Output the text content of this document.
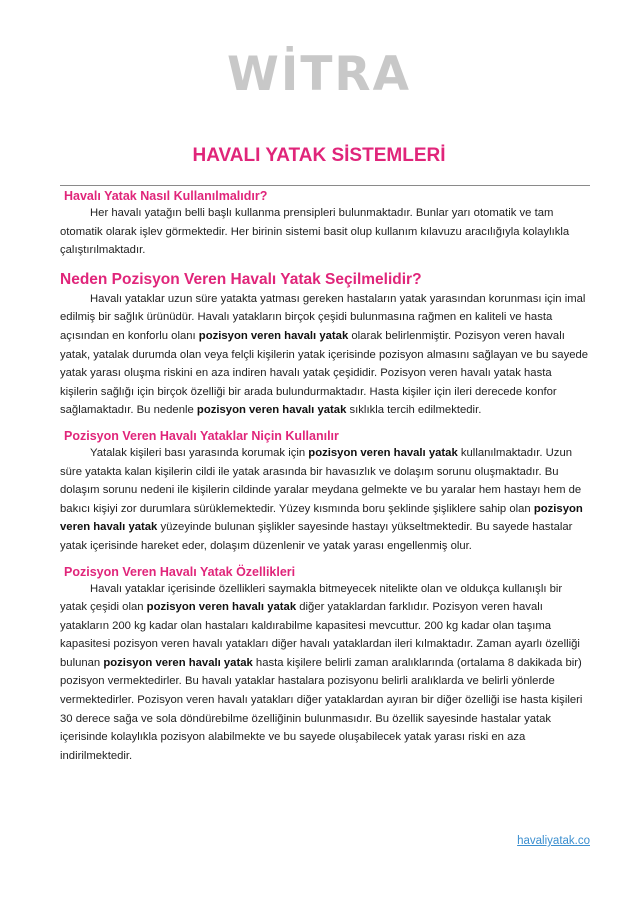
WİTRA
HAVALI YATAK SİSTEMLERİ
Havalı Yatak Nasıl Kullanılmalıdır?

Her havalı yatağın belli başlı kullanma prensipleri bulunmaktadır. Bunlar yarı otomatik ve tam otomatik olarak işlev görmektedir. Her birinin sistemi basit olup kullanım kılavuzu aracılığıyla kolaylıkla çalıştırılmaktadır.

Neden Pozisyon Veren Havalı Yatak Seçilmelidir?

Havalı yataklar uzun süre yatakta yatması gereken hastaların yatak yarasından korunması için imal edilmiş bir sağlık ürünüdür. Havalı yatakların birçok çeşidi bulunmasına rağmen en kaliteli ve hasta açısından en konforlu olanı pozisyon veren havalı yatak olarak belirlenmiştir. Pozisyon veren havalı yatak, yatalak durumda olan veya felçli kişilerin yatak içerisinde pozisyon almasını sağlayan ve bu sayede yatak yarası oluşma riskini en aza indiren havalı yatak çeşididir. Pozisyon veren havalı yatak hasta kişilerin sağlığı için birçok özelliği bir arada bulundurmaktadır. Hasta kişiler için ileri derecede konfor sağlamaktadır. Bu nedenle pozisyon veren havalı yatak sıklıkla tercih edilmektedir.

Pozisyon Veren Havalı Yataklar Niçin Kullanılır

Yatalak kişileri bası yarasında korumak için pozisyon veren havalı yatak kullanılmaktadır. Uzun süre yatakta kalan kişilerin cildi ile yatak arasında bir havasızlık ve dolaşım sorunu oluşmaktadır. Bu dolaşım sorunu nedeni ile kişilerin cildinde yaralar meydana gelmekte ve bu yaralar hem hastayı hem de bakıcı kişiyi zor durumlara sürüklemektedir. Yüzey kısmında boru şeklinde şişliklere sahip olan pozisyon veren havalı yatak yüzeyinde bulunan şişlikler sayesinde hastayı yükseltmektedir. Bu sayede hastalar yatak içerisinde hareket eder, dolaşım düzenlenir ve yatak yarası engellenmiş olur.

Pozisyon Veren Havalı Yatak Özellikleri

Havalı yataklar içerisinde özellikleri saymakla bitmeyecek nitelikte olan ve oldukça kullanışlı bir yatak çeşidi olan pozisyon veren havalı yatak diğer yataklardan farklıdır. Pozisyon veren havalı yatakların 200 kg kadar olan hastaları kaldırabilme kapasitesi mevcuttur. 200 kg kadar olan taşıma kapasitesi pozisyon veren havalı yatakları diğer havalı yataklardan ileri kılmaktadır. Zaman ayarlı özelliği bulunan pozisyon veren havalı yatak hasta kişilere belirli zaman aralıklarında (ortalama 8 dakikada bir) pozisyon vermektedirler. Bu havalı yataklar hastalara pozisyonu belirli aralıklarda ve belirli yönlerde vermektedirler. Pozisyon veren havalı yatakları diğer yataklardan ayıran bir diğer özelliği ise hasta kişileri 30 derece sağa ve sola döndürebilme özelliğinin bulunmasıdır. Bu özellik sayesinde hastalar yatak içerisinde kolaylıkla pozisyon alabilmekte ve bu sayede oluşabilecek yatak yarası riski en aza indirilmektedir.

havaliyatak.co
